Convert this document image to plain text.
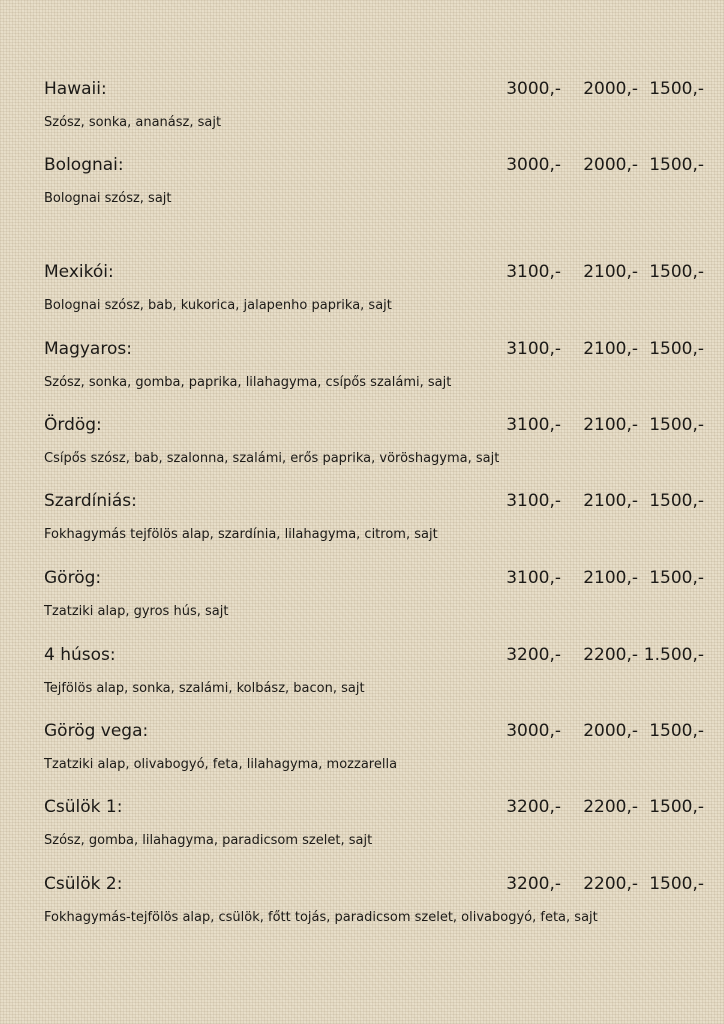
Hawaii:	3000,- 2000,- 1500,-
Szósz, sonka, ananász, sajt
Bolognai:	3000,- 2000,- 1500,-
Bolognai szósz, sajt
Mexikói:	3100,- 2100,- 1500,-
Bolognai szósz, bab, kukorica, jalapenho paprika, sajt
Magyaros:	3100,- 2100,- 1500,-
Szósz, sonka, gomba, paprika, lilahagyma, csípős szalámi, sajt
Ördög:	3100,- 2100,- 1500,-
Csípős szósz, bab, szalonna, szalámi, erős paprika, vöröshagyma, sajt
Szardíniás:	3100,- 2100,- 1500,-
Fokhagymás tejfölös alap, szardínia, lilahagyma, citrom, sajt
Görög:	3100,- 2100,- 1500,-
Tzatziki alap, gyros hús, sajt
4 húsos:	3200,- 2200,- 1.500,-
Tejfölös alap, sonka, szalámi, kolbász, bacon, sajt
Görög vega:	3000,- 2000,- 1500,-
Tzatziki alap, olivabogyó, feta, lilahagyma, mozzarella
Csülök 1:	3200,- 2200,- 1500,-
Szósz, gomba, lilahagyma, paradicsom szelet, sajt
Csülök 2:	3200,- 2200,- 1500,-
Fokhagymás-tejfölös alap, csülök, főtt tojás, paradicsom szelet, olivabogyó, feta, sajt
